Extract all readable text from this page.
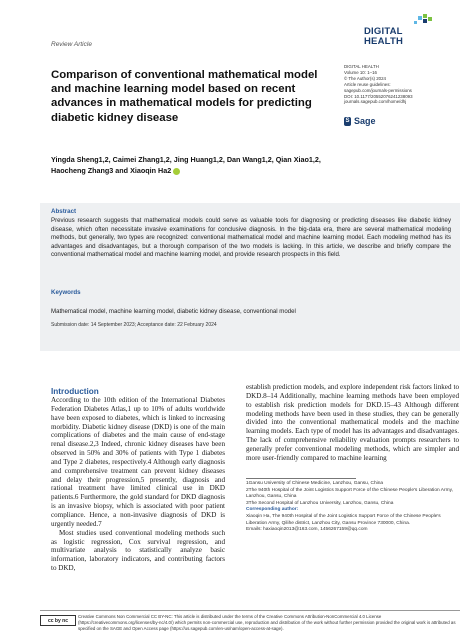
Review Article
DIGITAL
HEALTH
Comparison of conventional mathematical model and machine learning model based on recent advances in mathematical models for predicting diabetic kidney disease
DIGITAL HEALTH
Volume 10: 1–16
© The Author(s) 2024
Article reuse guidelines:
sagepub.com/journals-permissions
DOI: 10.1177/20552076241238093
journals.sagepub.com/home/dhj
S Sage
Yingda Sheng1,2, Caimei Zhang1,2, Jing Huang1,2, Dan Wang1,2, Qian Xiao1,2,
Haocheng Zhang3 and Xiaoqin Ha2
Abstract
Previous research suggests that mathematical models could serve as valuable tools for diagnosing or predicting diseases like diabetic kidney disease, which often necessitate invasive examinations for conclusive diagnosis. In the big-data era, there are several mathematical modeling methods, but generally, two types are recognized: conventional mathematical model and machine learning model. Each modeling method has its advantages and disadvantages, but a thorough comparison of the two models is lacking. In this article, we describe and briefly compare the conventional mathematical model and machine learning model, and provide research prospects in this field.
Keywords
Mathematical model, machine learning model, diabetic kidney disease, conventional model
Submission date: 14 September 2023; Acceptance date: 22 February 2024
Introduction

According to the 10th edition of the International Diabetes Federation Diabetes Atlas,1 up to 10% of adults worldwide have been exposed to diabetes, which is linked to increasing morbidity. Diabetic kidney disease (DKD) is one of the main complications of diabetes and the main cause of end-stage renal disease.2,3 Indeed, chronic kidney diseases have been observed in 50% and 30% of patients with Type 1 diabetes and Type 2 diabetes, respectively.4 Although early diagnosis and comprehensive treatment can prevent kidney diseases and delay their progression,5 presently, diagnosis and rational treatment have limited clinical use in DKD patients.6 Furthermore, the gold standard for DKD diagnosis is an invasive biopsy, which is associated with poor patient compliance. Hence, a non-invasive diagnosis of DKD is urgently needed.7

Most studies used conventional modeling methods such as logistic regression, Cox survival regression, and multivariate analysis to statistically analyze basic information, laboratory indicators, and contributing factors to DKD,

establish prediction models, and explore independent risk factors linked to DKD.8–14 Additionally, machine learning methods have been employed to establish risk prediction models for DKD.15–43 Although different modeling methods have been used in these studies, they can be generally divided into the conventional mathematical models and the machine learning models. Each type of model has its advantages and disadvantages. The lack of comprehensive reliability evaluation prompts researchers to generally prefer conventional modeling methods, which are simpler and more user-friendly compared to machine learning

1Gansu University of Chinese Medicine, Lanzhou, Gansu, China
2The 940th Hospital of the Joint Logistics Support Force of the Chinese People's Liberation Army, Lanzhou, Gansu, China
3The Second Hospital of Lanzhou University, Lanzhou, Gansu, China
Corresponding author:
Xiaoqin Ha, The 940th Hospital of the Joint Logistics Support Force of the Chinese People's Liberation Army, Qilihe district, Lanzhou City, Gansu Province 730000, China.
Emails: haxiaoqin2013@163.com, 1456267159@qq.com
cc by nc
Creative Commons Non Commercial CC BY-NC: This article is distributed under the terms of the Creative Commons Attribution-NonCommercial 4.0 License (https://creativecommons.org/licenses/by-nc/4.0/) which permits non-commercial use, reproduction and distribution of the work without further permission provided the original work is attributed as specified on the SAGE and Open Access page (https://us.sagepub.com/en-us/nam/open-access-at-sage).
